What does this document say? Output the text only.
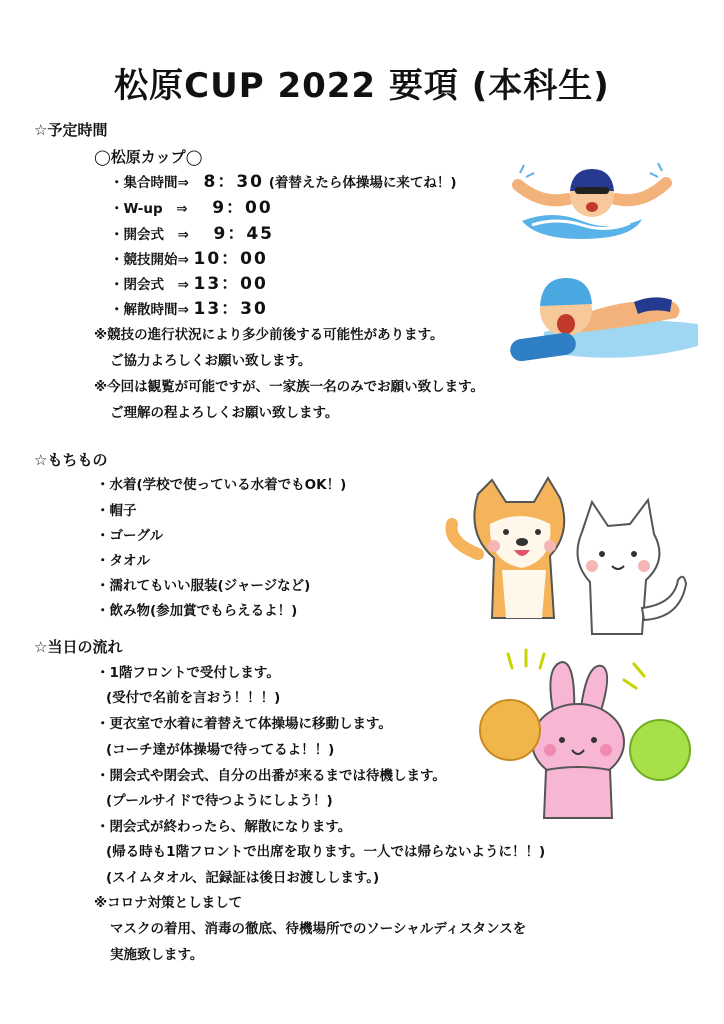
松原CUP 2022 要項 (本科生)
☆予定時間
◯松原カップ◯
・集合時間⇒ 8：30 (着替えたら体操場に来てね！)
・W-up　⇒ 9：00
・開会式　⇒ 9：45
・競技開始⇒ 10：00
・閉会式　⇒ 13：00
・解散時間⇒ 13：30
※競技の進行状況により多少前後する可能性があります。
ご協力よろしくお願い致します。
※今回は観覧が可能ですが、一家族一名のみでお願い致します。
ご理解の程よろしくお願い致します。
☆もちもの
・水着(学校で使っている水着でもOK！)
・帽子
・ゴーグル
・タオル
・濡れてもいい服装(ジャージなど)
・飲み物(参加賞でもらえるよ！)
☆当日の流れ
・1階フロントで受付します。
(受付で名前を言おう！！！)
・更衣室で水着に着替えて体操場に移動します。
(コーチ達が体操場で待ってるよ！！)
・開会式や閉会式、自分の出番が来るまでは待機します。
(プールサイドで待つようにしよう！)
・閉会式が終わったら、解散になります。
(帰る時も1階フロントで出席を取ります。一人では帰らないように！！)
(スイムタオル、記録証は後日お渡しします。)
※コロナ対策としまして
マスクの着用、消毒の徹底、待機場所でのソーシャルディスタンスを
実施致します。
